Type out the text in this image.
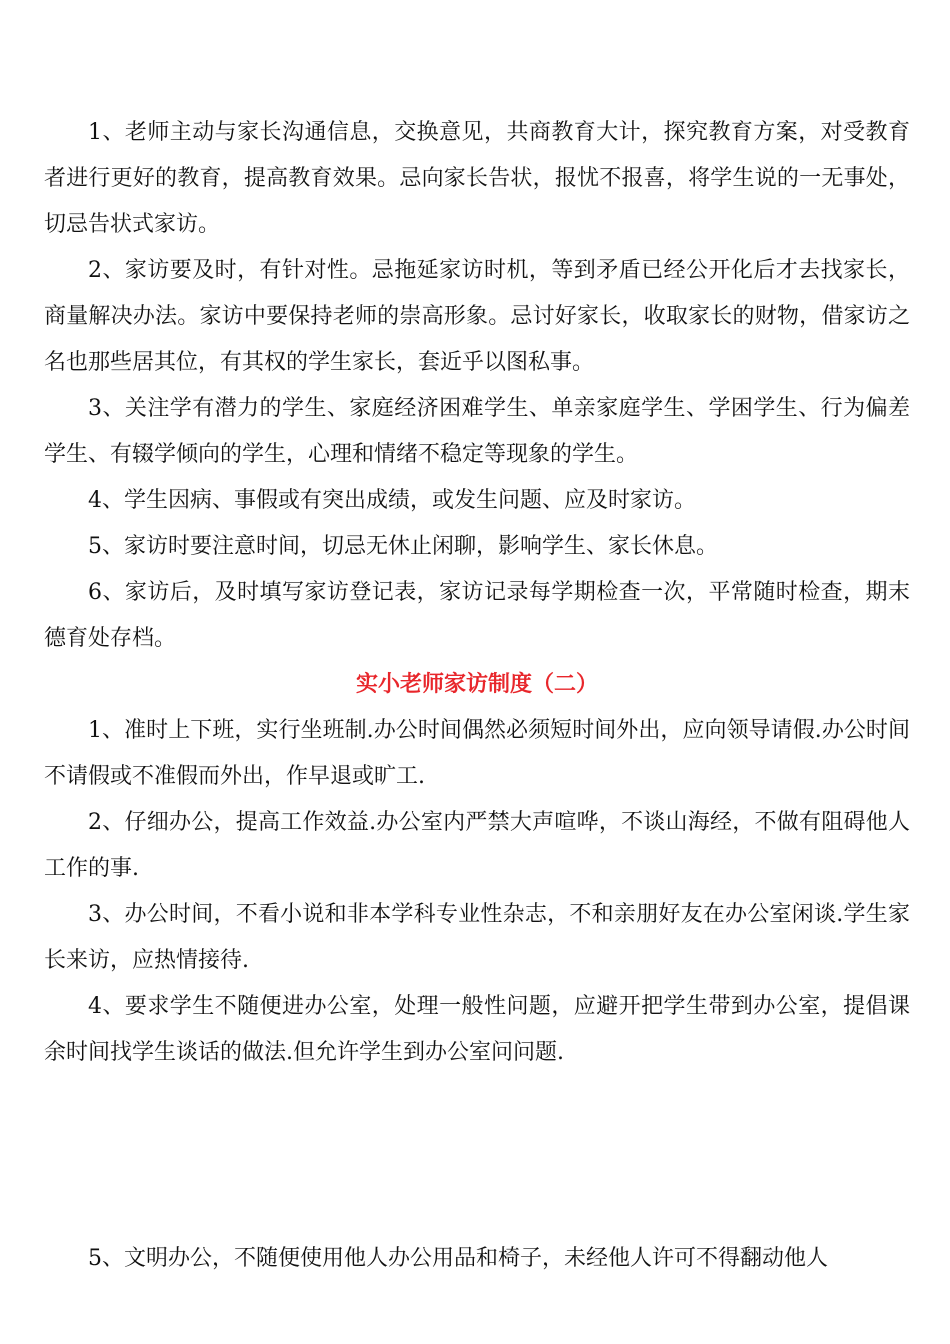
1、老师主动与家长沟通信息，交换意见，共商教育大计，探究教育方案，对受教育者进行更好的教育，提高教育效果。忌向家长告状，报忧不报喜，将学生说的一无事处，切忌告状式家访。

2、家访要及时，有针对性。忌拖延家访时机，等到矛盾已经公开化后才去找家长，商量解决办法。家访中要保持老师的崇高形象。忌讨好家长，收取家长的财物，借家访之名也那些居其位，有其权的学生家长，套近乎以图私事。

3、关注学有潜力的学生、家庭经济困难学生、单亲家庭学生、学困学生、行为偏差学生、有辍学倾向的学生，心理和情绪不稳定等现象的学生。

4、学生因病、事假或有突出成绩，或发生问题、应及时家访。

5、家访时要注意时间，切忌无休止闲聊，影响学生、家长休息。

6、家访后，及时填写家访登记表，家访记录每学期检查一次，平常随时检查，期末德育处存档。

实小老师家访制度（二）

1、准时上下班，实行坐班制.办公时间偶然必须短时间外出，应向领导请假.办公时间不请假或不准假而外出，作早退或旷工.

2、仔细办公，提高工作效益.办公室内严禁大声喧哗，不谈山海经，不做有阻碍他人工作的事.

3、办公时间，不看小说和非本学科专业性杂志，不和亲朋好友在办公室闲谈.学生家长来访，应热情接待.

4、要求学生不随便进办公室，处理一般性问题，应避开把学生带到办公室，提倡课余时间找学生谈话的做法.但允许学生到办公室问问题.

5、文明办公，不随便使用他人办公用品和椅子，未经他人许可不得翻动他人
